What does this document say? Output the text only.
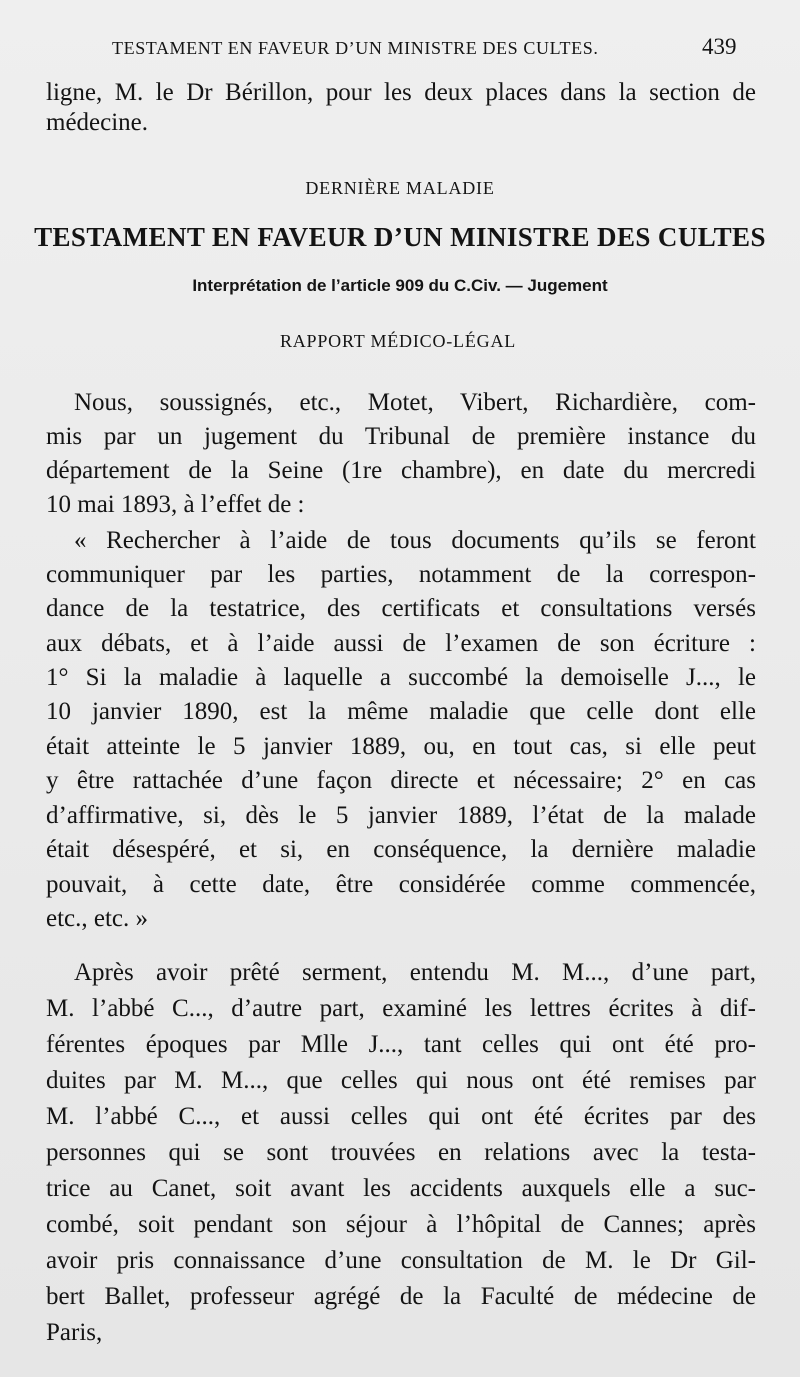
TESTAMENT EN FAVEUR D’UN MINISTRE DES CULTES.	439
ligne, M. le Dr Bérillon, pour les deux places dans la section de
médecine.
DERNIÈRE MALADIE
TESTAMENT EN FAVEUR D’UN MINISTRE DES CULTES
Interprétation de l’article 909 du C.Civ. — Jugement
RAPPORT MÉDICO-LÉGAL
Nous, soussignés, etc., Motet, Vibert, Richardière, com-
mis par un jugement du Tribunal de première instance du
département de la Seine (1re chambre), en date du mercredi
10 mai 1893, à l’effet de :
« Rechercher à l’aide de tous documents qu’ils se feront
communiquer par les parties, notamment de la correspon-
dance de la testatrice, des certificats et consultations versés
aux débats, et à l’aide aussi de l’examen de son écriture :
1° Si la maladie à laquelle a succombé la demoiselle J..., le
10 janvier 1890, est la même maladie que celle dont elle
était atteinte le 5 janvier 1889, ou, en tout cas, si elle peut
y être rattachée d’une façon directe et nécessaire; 2° en cas
d’affirmative, si, dès le 5 janvier 1889, l’état de la malade
était désespéré, et si, en conséquence, la dernière maladie
pouvait, à cette date, être considérée comme commencée,
etc., etc. »
Après avoir prêté serment, entendu M. M..., d’une part,
M. l’abbé C..., d’autre part, examiné les lettres écrites à dif-
férentes époques par Mlle J..., tant celles qui ont été pro-
duites par M. M..., que celles qui nous ont été remises par
M. l’abbé C..., et aussi celles qui ont été écrites par des
personnes qui se sont trouvées en relations avec la testa-
trice au Canet, soit avant les accidents auxquels elle a suc-
combé, soit pendant son séjour à l’hôpital de Cannes; après
avoir pris connaissance d’une consultation de M. le Dr Gil-
bert Ballet, professeur agrégé de la Faculté de médecine de
Paris,
